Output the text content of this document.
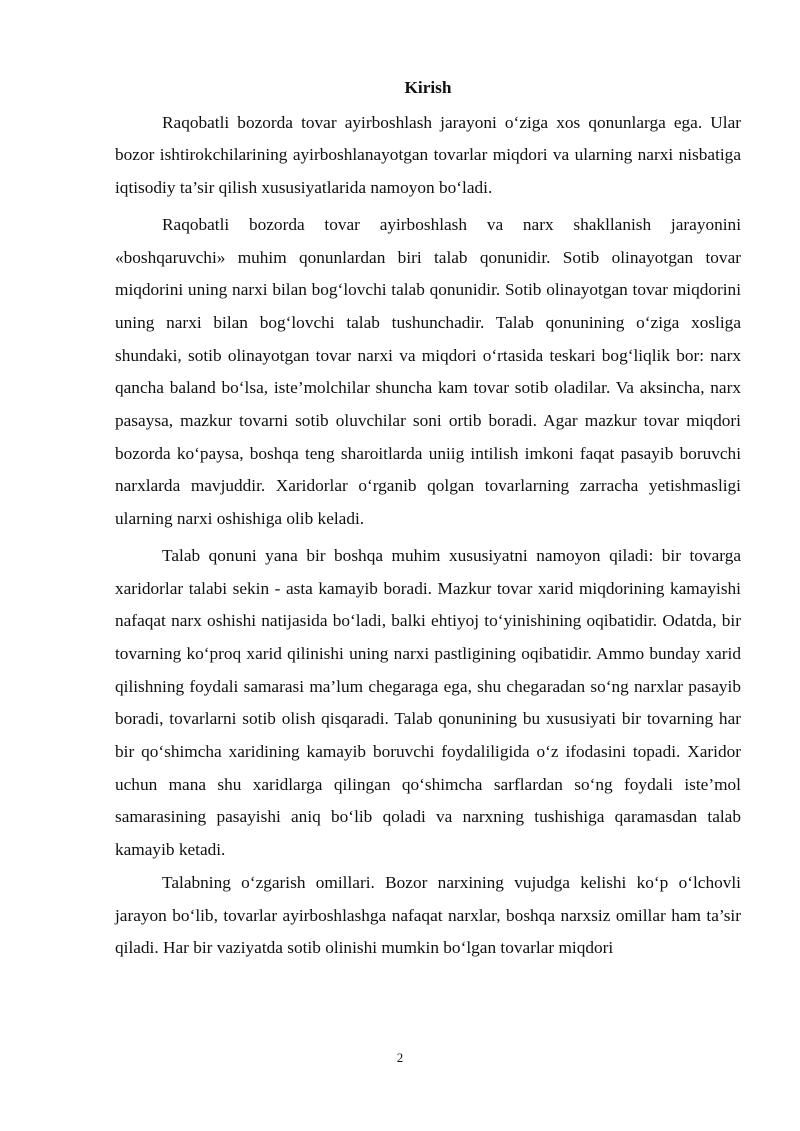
Kirish

Raqobatli bozorda tovar ayirboshlash jarayoni o‘ziga xos qonunlarga ega. Ular bozor ishtirokchilarining ayirboshlanayotgan tovarlar miqdori va ularning narxi nisbatiga iqtisodiy ta’sir qilish xususiyatlarida namoyon bo‘ladi.

Raqobatli bozorda tovar ayirboshlash va narx shakllanish jarayonini «boshqaruvchi» muhim qonunlardan biri talab qonunidir. Sotib olinayotgan tovar miqdorini uning narxi bilan bog‘lovchi talab qonunidir. Sotib olinayotgan tovar miqdorini uning narxi bilan bog‘lovchi talab tushunchadir. Talab qonunining o‘ziga xosliga shundaki, sotib olinayotgan tovar narxi va miqdori o‘rtasida teskari bog‘liqlik bor: narx qancha baland bo‘lsa, iste’molchilar shuncha kam tovar sotib oladilar. Va aksincha, narx pasaysa, mazkur tovarni sotib oluvchilar soni ortib boradi. Agar mazkur tovar miqdori bozorda ko‘paysa, boshqa teng sharoitlarda uniig intilish imkoni faqat pasayib boruvchi narxlarda mavjuddir. Xaridorlar o‘rganib qolgan tovarlarning zarracha yetishmasligi ularning narxi oshishiga olib keladi.

Talab qonuni yana bir boshqa muhim xususiyatni namoyon qiladi: bir tovarga xaridorlar talabi sekin - asta kamayib boradi. Mazkur tovar xarid miqdorining kamayishi nafaqat narx oshishi natijasida bo‘ladi, balki ehtiyoj to‘yinishining oqibatidir. Odatda, bir tovarning ko‘proq xarid qilinishi uning narxi pastligining oqibatidir. Ammo bunday xarid qilishning foydali samarasi ma’lum chegaraga ega, shu chegaradan so‘ng narxlar pasayib boradi, tovarlarni sotib olish qisqaradi. Talab qonunining bu xususiyati bir tovarning har bir qo‘shimcha xaridining kamayib boruvchi foydaliligida o‘z ifodasini topadi. Xaridor uchun mana shu xaridlarga qilingan qo‘shimcha sarflardan so‘ng foydali iste’mol samarasining pasayishi aniq bo‘lib qoladi va narxning tushishiga qaramasdan talab kamayib ketadi.

Talabning o‘zgarish omillari. Bozor narxining vujudga kelishi ko‘p o‘lchovli jarayon bo‘lib, tovarlar ayirboshlashga nafaqat narxlar, boshqa narxsiz omillar ham ta’sir qiladi. Har bir vaziyatda sotib olinishi mumkin bo‘lgan tovarlar miqdori

2
